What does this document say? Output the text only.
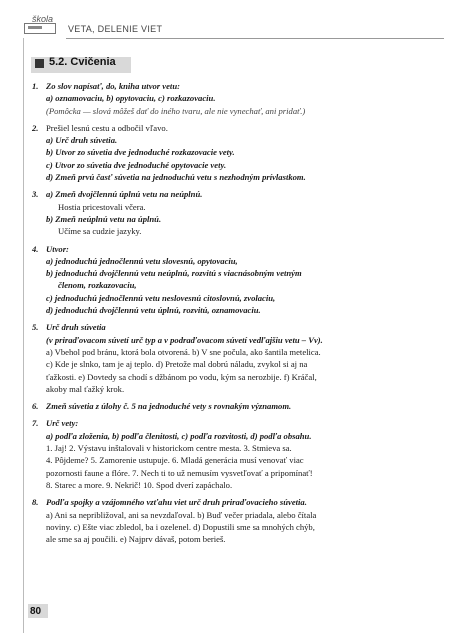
škola
VETA, DELENIE VIET
5.2. Cvičenia
1. Zo slov napísať, do, kniha utvor vetu:
a) oznamovaciu, b) opytovaciu, c) rozkazovaciu.
(Pomôcka — slová môžeš dať do iného tvaru, ale nie vynechať, ani pridať.)
2. Prešiel lesnú cestu a odbočil vľavo.
a) Urč druh súvetia.
b) Utvor zo súvetia dve jednoduché rozkazovacie vety.
c) Utvor zo súvetia dve jednoduché opytovacie vety.
d) Zmeň prvú časť súvetia na jednoduchú vetu s nezhodným prívlastkom.
3. a) Zmeň dvojčlennú úplnú vetu na neúplnú.
Hostia pricestovali včera.
b) Zmeň neúplnú vetu na úplnú.
Učíme sa cudzie jazyky.
4. Utvor:
a) jednoduchú jednočlennú vetu slovesnú, opytovaciu,
b) jednoduchú dvojčlennú vetu neúplnú, rozvitú s viacnásobným vetným
členom, rozkazovaciu,
c) jednoduchú jednočlennú vetu neslovesnú citoslovnú, zvolaciu,
d) jednoduchú dvojčlennú vetu úplnú, rozvitú, oznamovaciu.
5. Urč druh súvetia
(v priraďovacom súvetí urč typ a v podraďovacom súvetí vedľajšiu vetu – Vv).
a) Vbehol pod bránu, ktorá bola otvorená. b) V sne počula, ako šantila metelica.
c) Kde je slnko, tam je aj teplo. d) Pretože mal dobrú náladu, zvykol si aj na
ťažkosti. e) Dovtedy sa chodí s džbánom po vodu, kým sa nerozbije. f) Kráčal,
akoby mal ťažký krok.
6. Zmeň súvetia z úlohy č. 5 na jednoduché vety s rovnakým významom.
7. Urč vety:
a) podľa zloženia, b) podľa členitosti, c) podľa rozvitosti, d) podľa obsahu.
1. Jaj! 2. Výstavu inštalovali v historickom centre mesta. 3. Stmieva sa.
4. Pôjdeme? 5. Zamorenie ustupuje. 6. Mladá generácia musí venovať viac
pozornosti faune a flóre. 7. Nech ti to už nemusím vysvetľovať a pripomínať!
8. Starec a more. 9. Nekrič! 10. Spod dverí zapáchalo.
8. Podľa spojky a vzájomného vzťahu viet urč druh priraďovacieho súvetia.
a) Ani sa nepribližoval, ani sa nevzdaľoval. b) Buď večer priadala, alebo čítala
noviny. c) Ešte viac zbledol, ba i ozelenel. d) Dopustili sme sa mnohých chýb,
ale sme sa aj poučili. e) Najprv dávaš, potom berieš.
80
